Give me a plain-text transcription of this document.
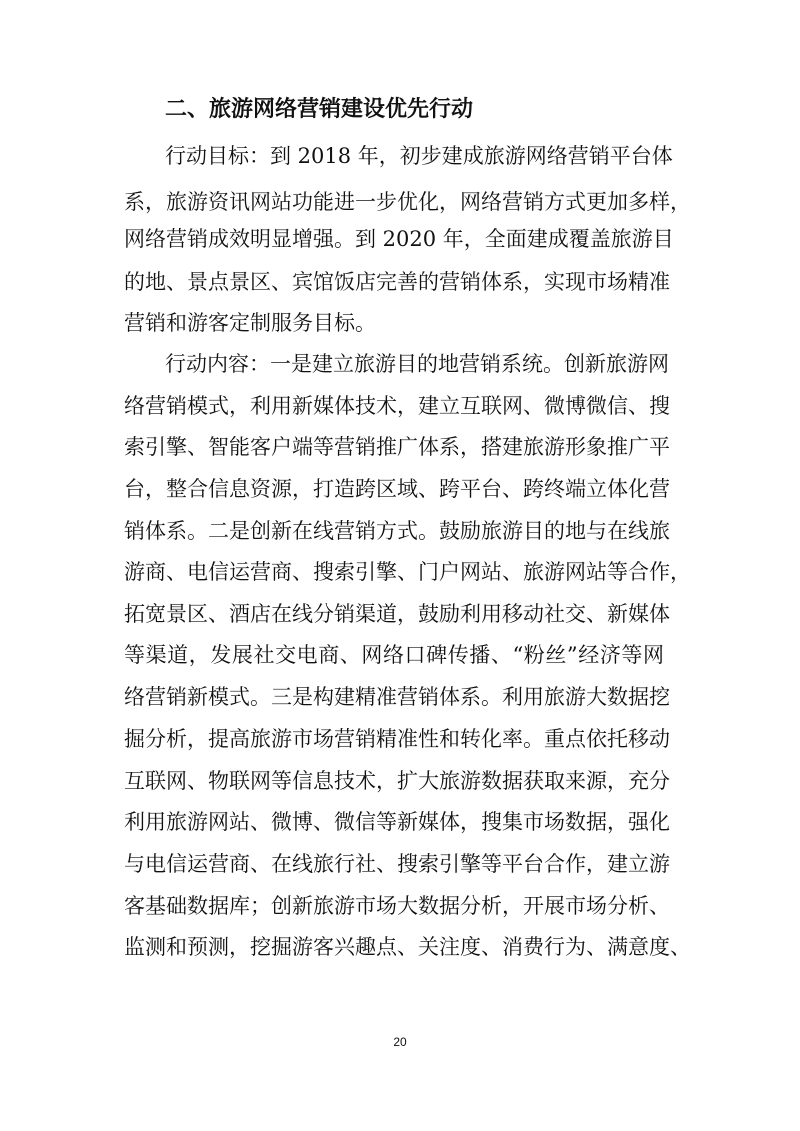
二、旅游网络营销建设优先行动

行动目标：到 2018 年，初步建成旅游网络营销平台体

系，旅游资讯网站功能进一步优化，网络营销方式更加多样，

网络营销成效明显增强。到 2020 年，全面建成覆盖旅游目

的地、景点景区、宾馆饭店完善的营销体系，实现市场精准

营销和游客定制服务目标。

行动内容：一是建立旅游目的地营销系统。创新旅游网

络营销模式，利用新媒体技术，建立互联网、微博微信、搜

索引擎、智能客户端等营销推广体系，搭建旅游形象推广平

台，整合信息资源，打造跨区域、跨平台、跨终端立体化营

销体系。二是创新在线营销方式。鼓励旅游目的地与在线旅

游商、电信运营商、搜索引擎、门户网站、旅游网站等合作，

拓宽景区、酒店在线分销渠道，鼓励利用移动社交、新媒体

等渠道，发展社交电商、网络口碑传播、“粉丝”经济等网

络营销新模式。三是构建精准营销体系。利用旅游大数据挖

掘分析，提高旅游市场营销精准性和转化率。重点依托移动

互联网、物联网等信息技术，扩大旅游数据获取来源，充分

利用旅游网站、微博、微信等新媒体，搜集市场数据，强化

与电信运营商、在线旅行社、搜索引擎等平台合作，建立游

客基础数据库；创新旅游市场大数据分析，开展市场分析、

监测和预测，挖掘游客兴趣点、关注度、消费行为、满意度、

20
